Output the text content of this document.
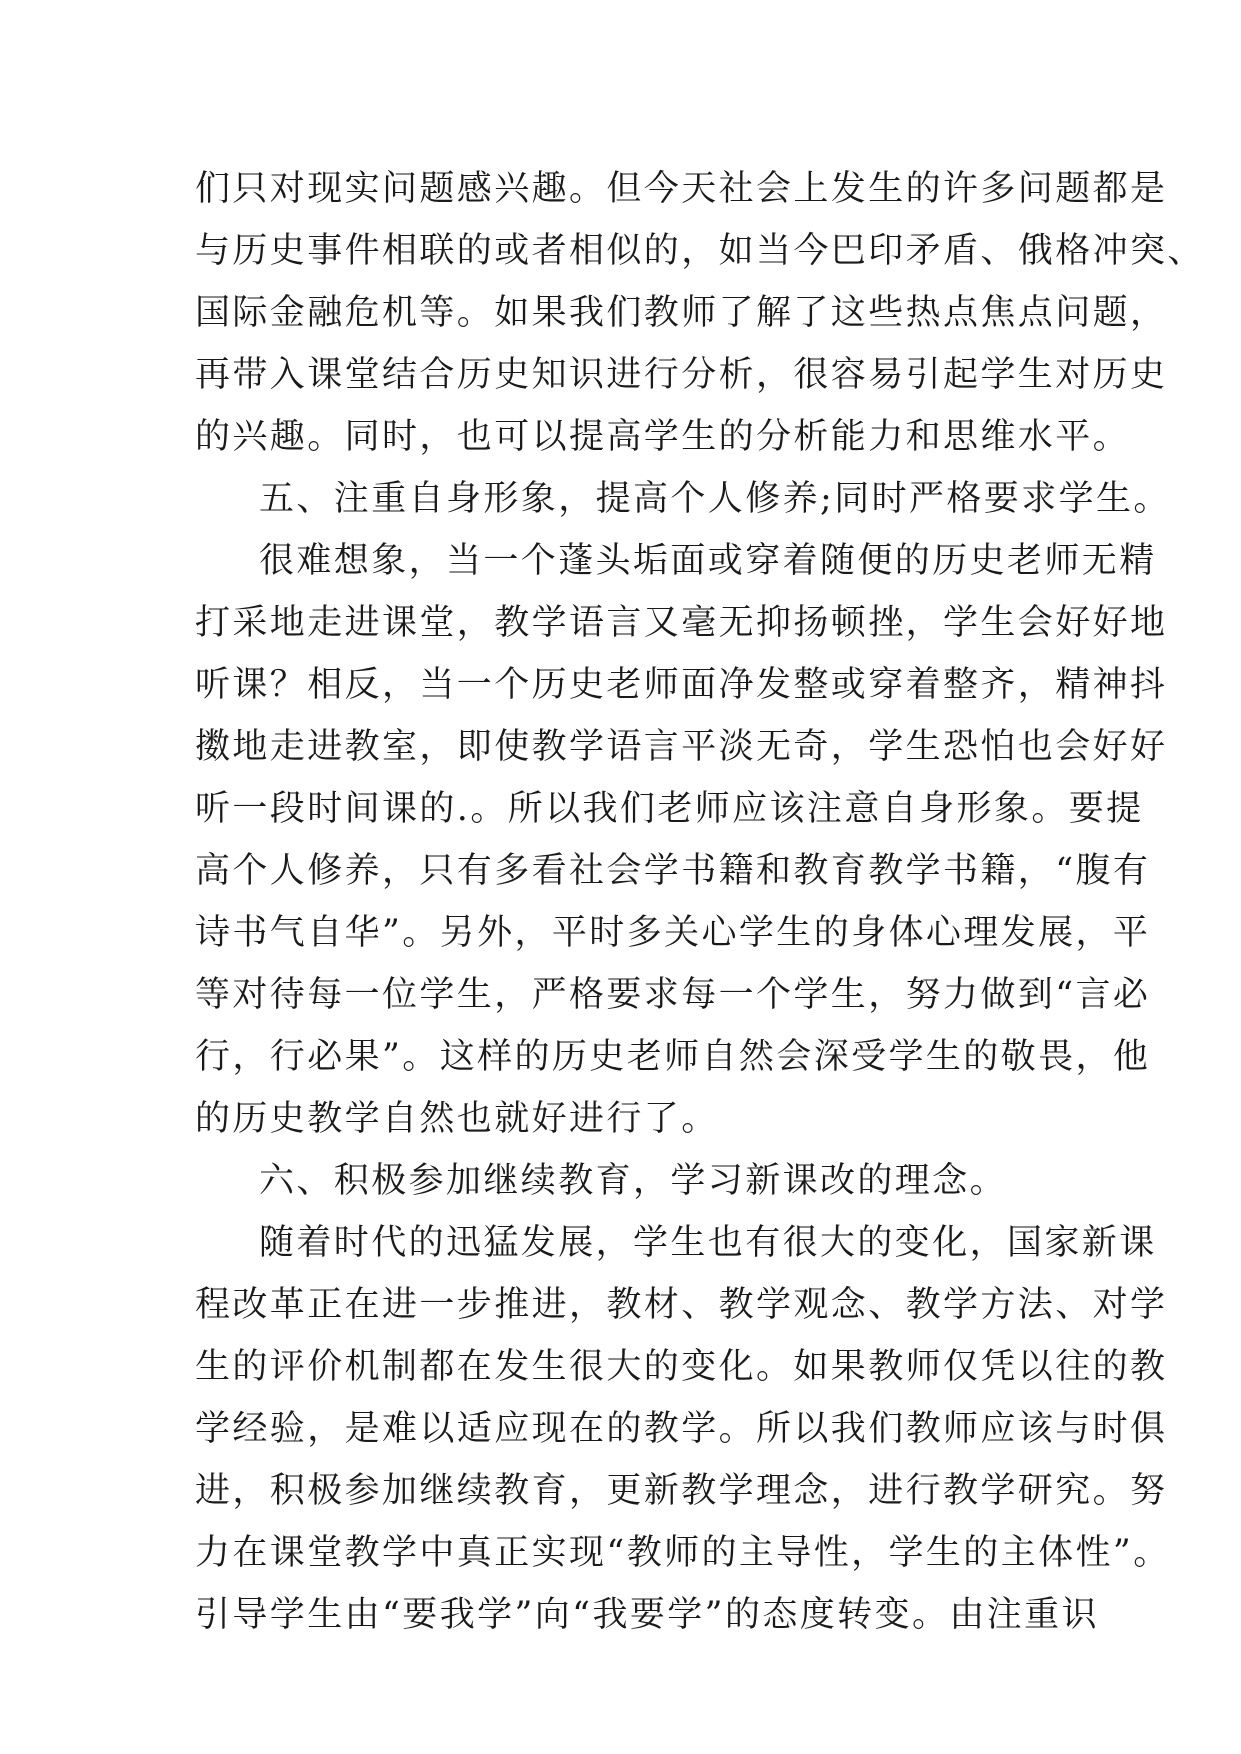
们只对现实问题感兴趣。但今天社会上发生的许多问题都是
与历史事件相联的或者相似的，如当今巴印矛盾、俄格冲突、
国际金融危机等。如果我们教师了解了这些热点焦点问题，
再带入课堂结合历史知识进行分析，很容易引起学生对历史
的兴趣。同时，也可以提高学生的分析能力和思维水平。
五、注重自身形象，提高个人修养;同时严格要求学生。
很难想象，当一个蓬头垢面或穿着随便的历史老师无精
打采地走进课堂，教学语言又毫无抑扬顿挫，学生会好好地
听课？相反，当一个历史老师面净发整或穿着整齐，精神抖
擞地走进教室，即使教学语言平淡无奇，学生恐怕也会好好
听一段时间课的.。所以我们老师应该注意自身形象。要提
高个人修养，只有多看社会学书籍和教育教学书籍，“腹有
诗书气自华”。另外，平时多关心学生的身体心理发展，平
等对待每一位学生，严格要求每一个学生，努力做到“言必
行，行必果”。这样的历史老师自然会深受学生的敬畏，他
的历史教学自然也就好进行了。
六、积极参加继续教育，学习新课改的理念。
随着时代的迅猛发展，学生也有很大的变化，国家新课
程改革正在进一步推进，教材、教学观念、教学方法、对学
生的评价机制都在发生很大的变化。如果教师仅凭以往的教
学经验，是难以适应现在的教学。所以我们教师应该与时俱
进，积极参加继续教育，更新教学理念，进行教学研究。努
力在课堂教学中真正实现“教师的主导性，学生的主体性”。
引导学生由“要我学”向“我要学”的态度转变。由注重识
